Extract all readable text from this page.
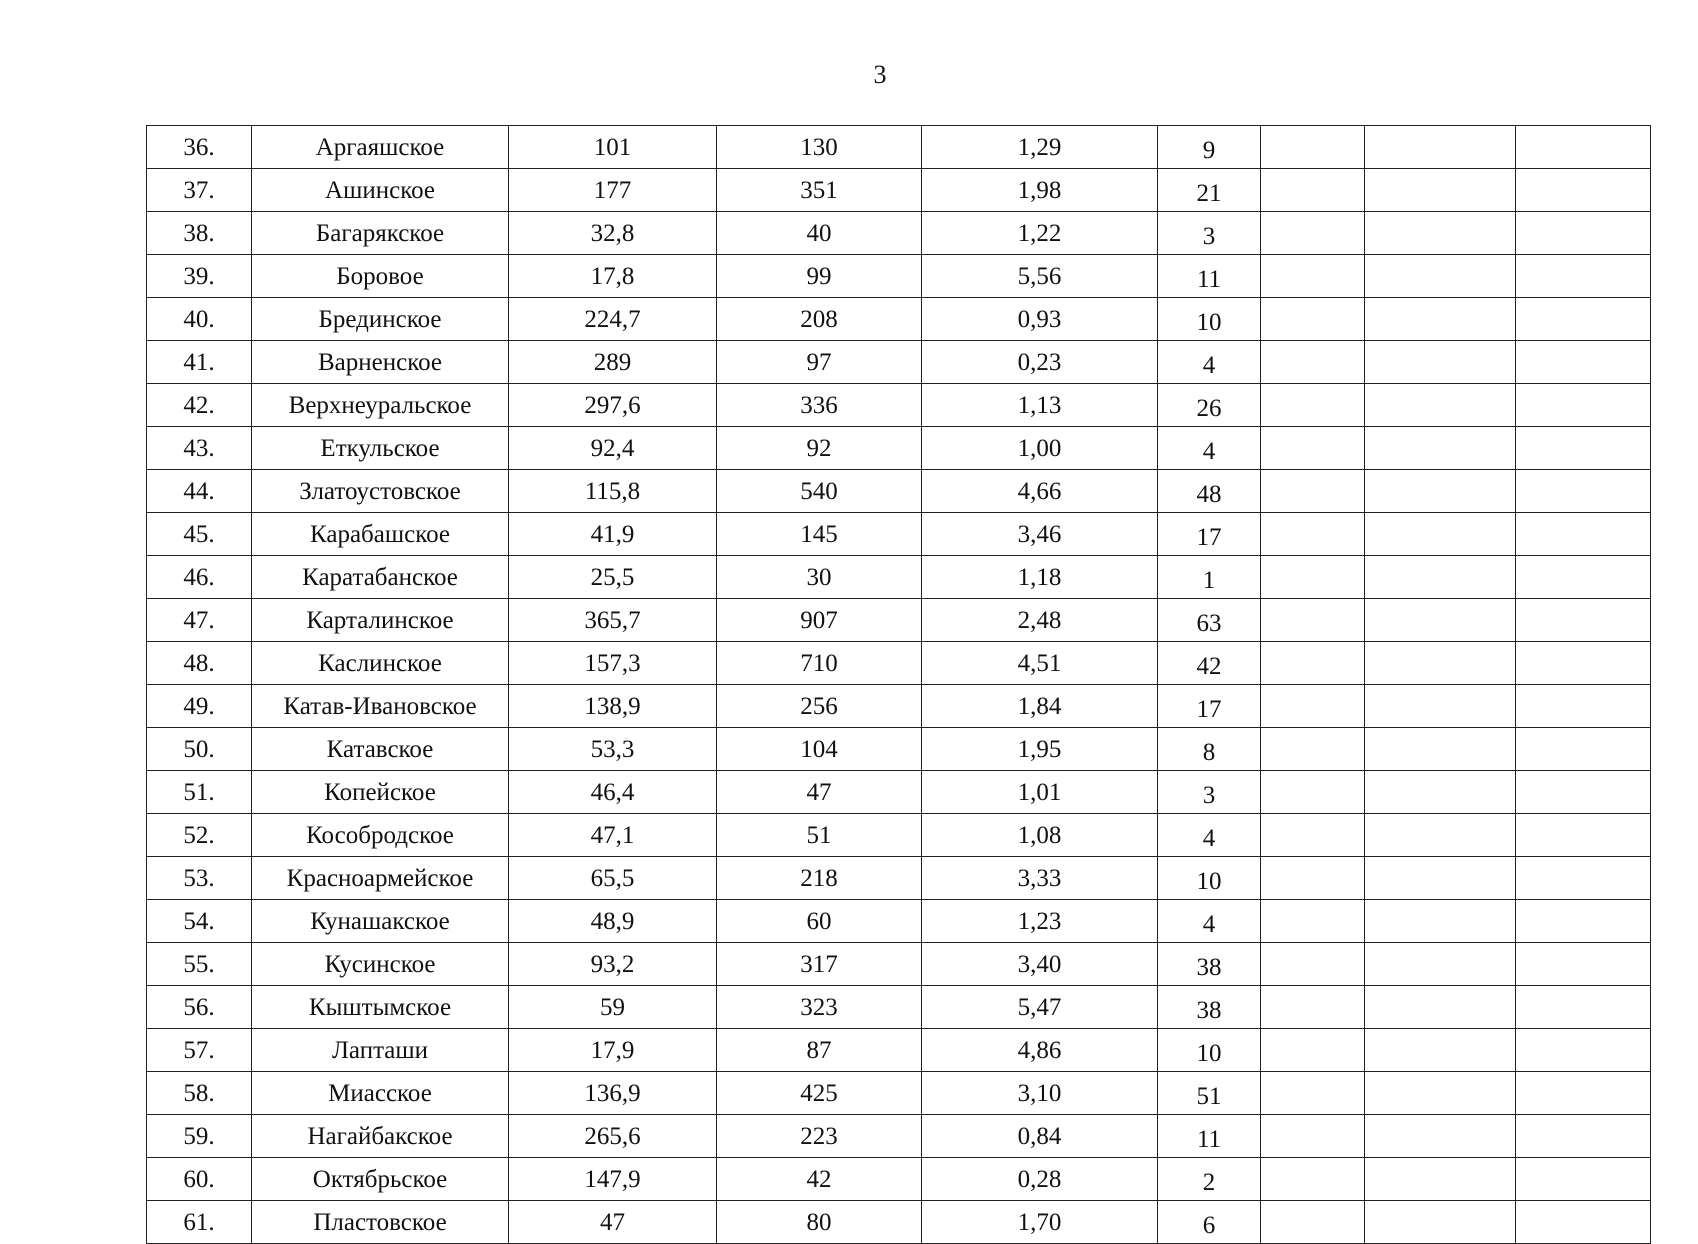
3
36.	Аргаяшское	101	130	1,29	9			
37.	Ашинское	177	351	1,98	21			
38.	Багарякское	32,8	40	1,22	3			
39.	Боровое	17,8	99	5,56	11			
40.	Брединское	224,7	208	0,93	10			
41.	Варненское	289	97	0,23	4			
42.	Верхнеуральское	297,6	336	1,13	26			
43.	Еткульское	92,4	92	1,00	4			
44.	Златоустовское	115,8	540	4,66	48			
45.	Карабашское	41,9	145	3,46	17			
46.	Каратабанское	25,5	30	1,18	1			
47.	Карталинское	365,7	907	2,48	63			
48.	Каслинское	157,3	710	4,51	42			
49.	Катав-Ивановское	138,9	256	1,84	17			
50.	Катавское	53,3	104	1,95	8			
51.	Копейское	46,4	47	1,01	3			
52.	Кособродское	47,1	51	1,08	4			
53.	Красноармейское	65,5	218	3,33	10			
54.	Кунашакское	48,9	60	1,23	4			
55.	Кусинское	93,2	317	3,40	38			
56.	Кыштымское	59	323	5,47	38			
57.	Лапташи	17,9	87	4,86	10			
58.	Миасское	136,9	425	3,10	51			
59.	Нагайбакское	265,6	223	0,84	11			
60.	Октябрьское	147,9	42	0,28	2			
61.	Пластовское	47	80	1,70	6			
